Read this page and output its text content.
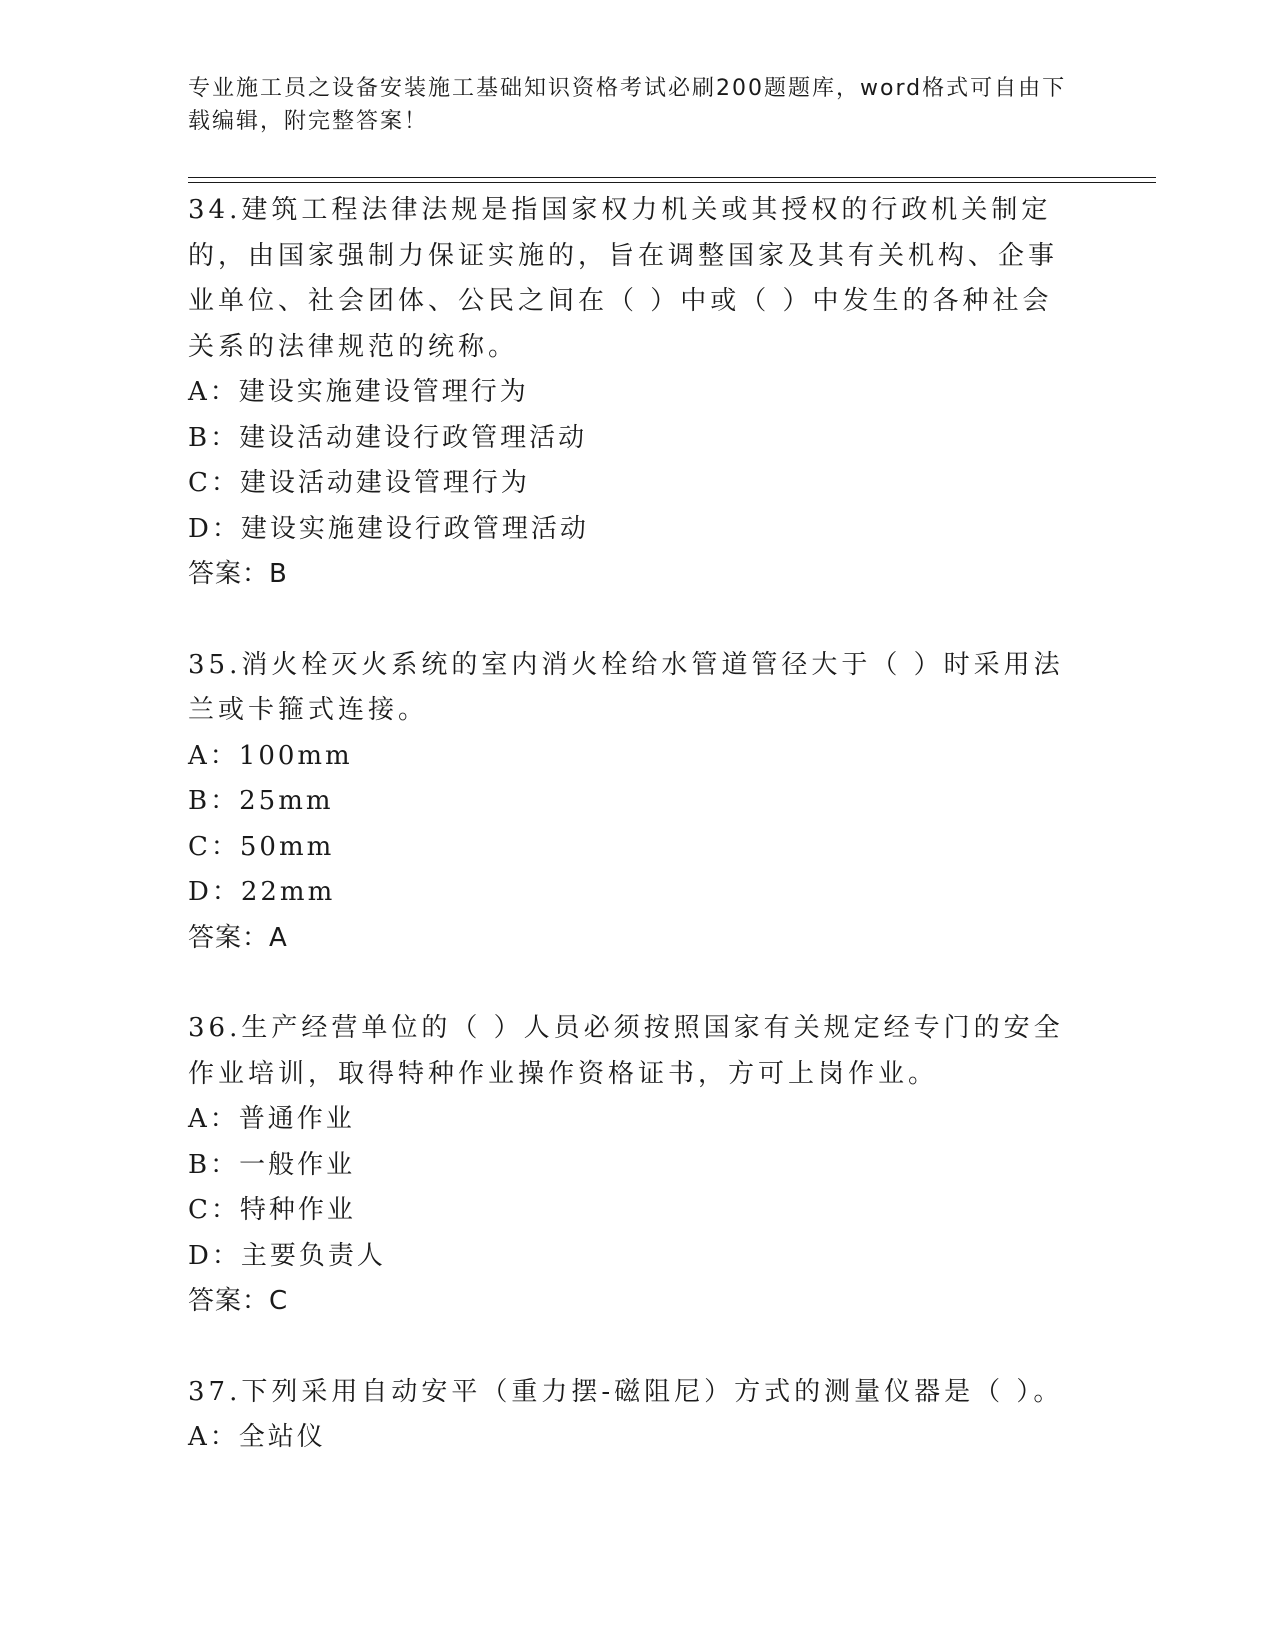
专业施工员之设备安装施工基础知识资格考试必刷200题题库，word格式可自由下载编辑，附完整答案！

34.建筑工程法律法规是指国家权力机关或其授权的行政机关制定的，由国家强制力保证实施的，旨在调整国家及其有关机构、企事业单位、社会团体、公民之间在（ ）中或（ ）中发生的各种社会关系的法律规范的统称。

A：建设实施建设管理行为

B：建设活动建设行政管理活动

C：建设活动建设管理行为

D：建设实施建设行政管理活动

答案：B

35.消火栓灭火系统的室内消火栓给水管道管径大于（ ）时采用法兰或卡箍式连接。

A：100mm

B：25mm

C：50mm

D：22mm

答案：A

36.生产经营单位的（ ）人员必须按照国家有关规定经专门的安全作业培训，取得特种作业操作资格证书，方可上岗作业。

A：普通作业

B：一般作业

C：特种作业

D：主要负责人

答案：C

37.下列采用自动安平（重力摆-磁阻尼）方式的测量仪器是（ ）。

A：全站仪
